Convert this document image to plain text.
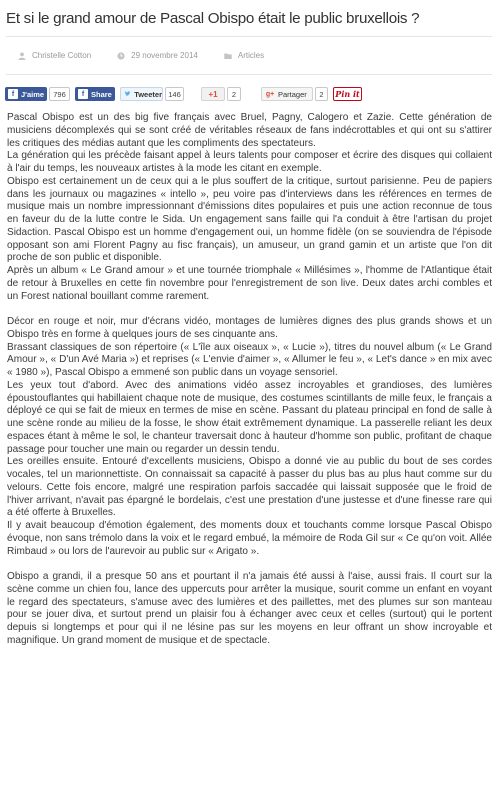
Et si le grand amour de Pascal Obispo était le public bruxellois ?
Christelle Cotton	29 novembre 2014	Articles
f J'aime	796	f Share	Tweeter 146	+1	2	g+ Partager	2	Pin it

Pascal Obispo est un des big five français avec Bruel, Pagny, Calogero et Zazie. Cette génération de musiciens décomplexés qui se sont créé de véritables réseaux de fans indécrottables et qui ont su s'attirer les critiques des médias autant que les compliments des spectateurs.

La génération qui les précède faisant appel à leurs talents pour composer et écrire des disques qui collaient à l'air du temps, les nouveaux artistes à la mode les citant en exemple.

Obispo est certainement un de ceux qui a le plus souffert de la critique, surtout parisienne. Peu de papiers dans les journaux ou magazines « intello », peu voire pas d'interviews dans les références en termes de musique mais un nombre impressionnant d'émissions dites populaires et puis une action reconnue de tous en faveur du de la lutte contre le Sida. Un engagement sans faille qui l'a conduit à être l'artisan du projet Sidaction. Pascal Obispo est un homme d'engagement oui, un homme fidèle (on se souviendra de l'épisode opposant son ami Florent Pagny au fisc français), un amuseur, un grand gamin et un artiste que l'on dit proche de son public et disponible.

Après un album « Le Grand amour » et une tournée triomphale « Millésimes », l'homme de l'Atlantique était de retour à Bruxelles en cette fin novembre pour l'enregistrement de son live. Deux dates archi combles et un Forest national bouillant comme rarement.

Décor en rouge et noir, mur d'écrans vidéo, montages de lumières dignes des plus grands shows et un Obispo très en forme à quelques jours de ses cinquante ans.

Brassant classiques de son répertoire (« L'île aux oiseaux », « Lucie »), titres du nouvel album (« Le Grand Amour », « D'un Avé Maria ») et reprises (« L'envie d'aimer », « Allumer le feu », « Let's dance » en mix avec « 1980 »), Pascal Obispo a emmené son public dans un voyage sensoriel.

Les yeux tout d'abord. Avec des animations vidéo assez incroyables et grandioses, des lumières époustouflantes qui habillaient chaque note de musique, des costumes scintillants de mille feux, le français a déployé ce qui se fait de mieux en termes de mise en scène. Passant du plateau principal en fond de salle à une scène ronde au milieu de la fosse, le show était extrêmement dynamique. La passerelle reliant les deux espaces étant à même le sol, le chanteur traversait donc à hauteur d'homme son public, profitant de chaque passage pour toucher une main ou regarder un dessin tendu.

Les oreilles ensuite. Entouré d'excellents musiciens, Obispo a donné vie au public du bout de ses cordes vocales, tel un marionnettiste. On connaissait sa capacité à passer du plus bas au plus haut comme sur du velours. Cette fois encore, malgré une respiration parfois saccadée qui laissait supposée que le froid de l'hiver arrivant, n'avait pas épargné le bordelais, c'est une prestation d'une justesse et d'une finesse rare qui a été offerte à Bruxelles.

Il y avait beaucoup d'émotion également, des moments doux et touchants comme lorsque Pascal Obispo évoque, non sans trémolo dans la voix et le regard embué, la mémoire de Roda Gil sur « Ce qu'on voit. Allée Rimbaud » ou lors de l'aurevoir au public sur « Arigato ».

Obispo a grandi, il a presque 50 ans et pourtant il n'a jamais été aussi à l'aise, aussi frais. Il court sur la scène comme un chien fou, lance des uppercuts pour arrêter la musique, sourit comme un enfant en voyant le regard des spectateurs, s'amuse avec des lumières et des paillettes, met des plumes sur son manteau pour se jouer diva, et surtout prend un plaisir fou à échanger avec ceux et celles (surtout) qui le portent depuis si longtemps et pour qui il ne lésine pas sur les moyens en leur offrant un show incroyable et magnifique. Un grand moment de musique et de spectacle.
